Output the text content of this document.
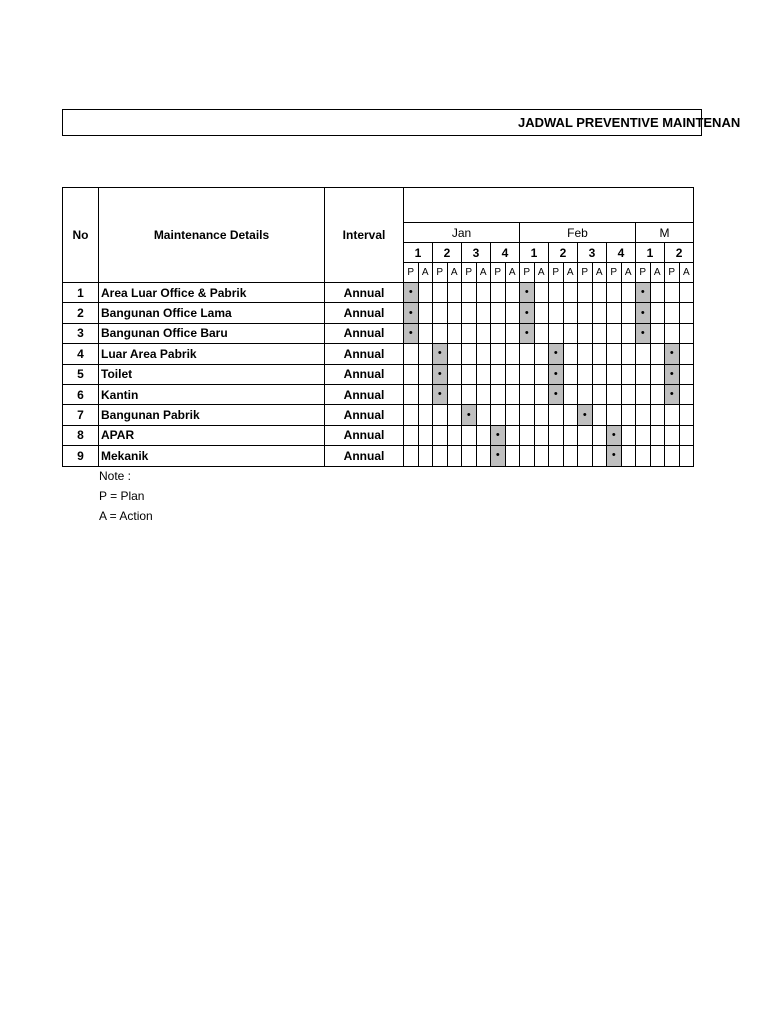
JADWAL PREVENTIVE MAINTENAN
No	Maintenance Details	Interval																				
			Jan								Feb								M			
			1		2		3		4		1		2		3		4		1		2	
			P	A	P	A	P	A	P	A	P	A	P	A	P	A	P	A	P	A	P	A
1	Area Luar Office & Pabrik	Annual	•								•								•			
2	Bangunan Office Lama	Annual	•								•								•			
3	Bangunan Office Baru	Annual	•								•								•			
4	Luar Area Pabrik	Annual			•								•								•	
5	Toilet	Annual			•								•								•	
6	Kantin	Annual			•								•								•	
7	Bangunan Pabrik	Annual					•								•							
8	APAR	Annual							•								•					
9	Mekanik	Annual							•								•					
Note :
P = Plan
A = Action
